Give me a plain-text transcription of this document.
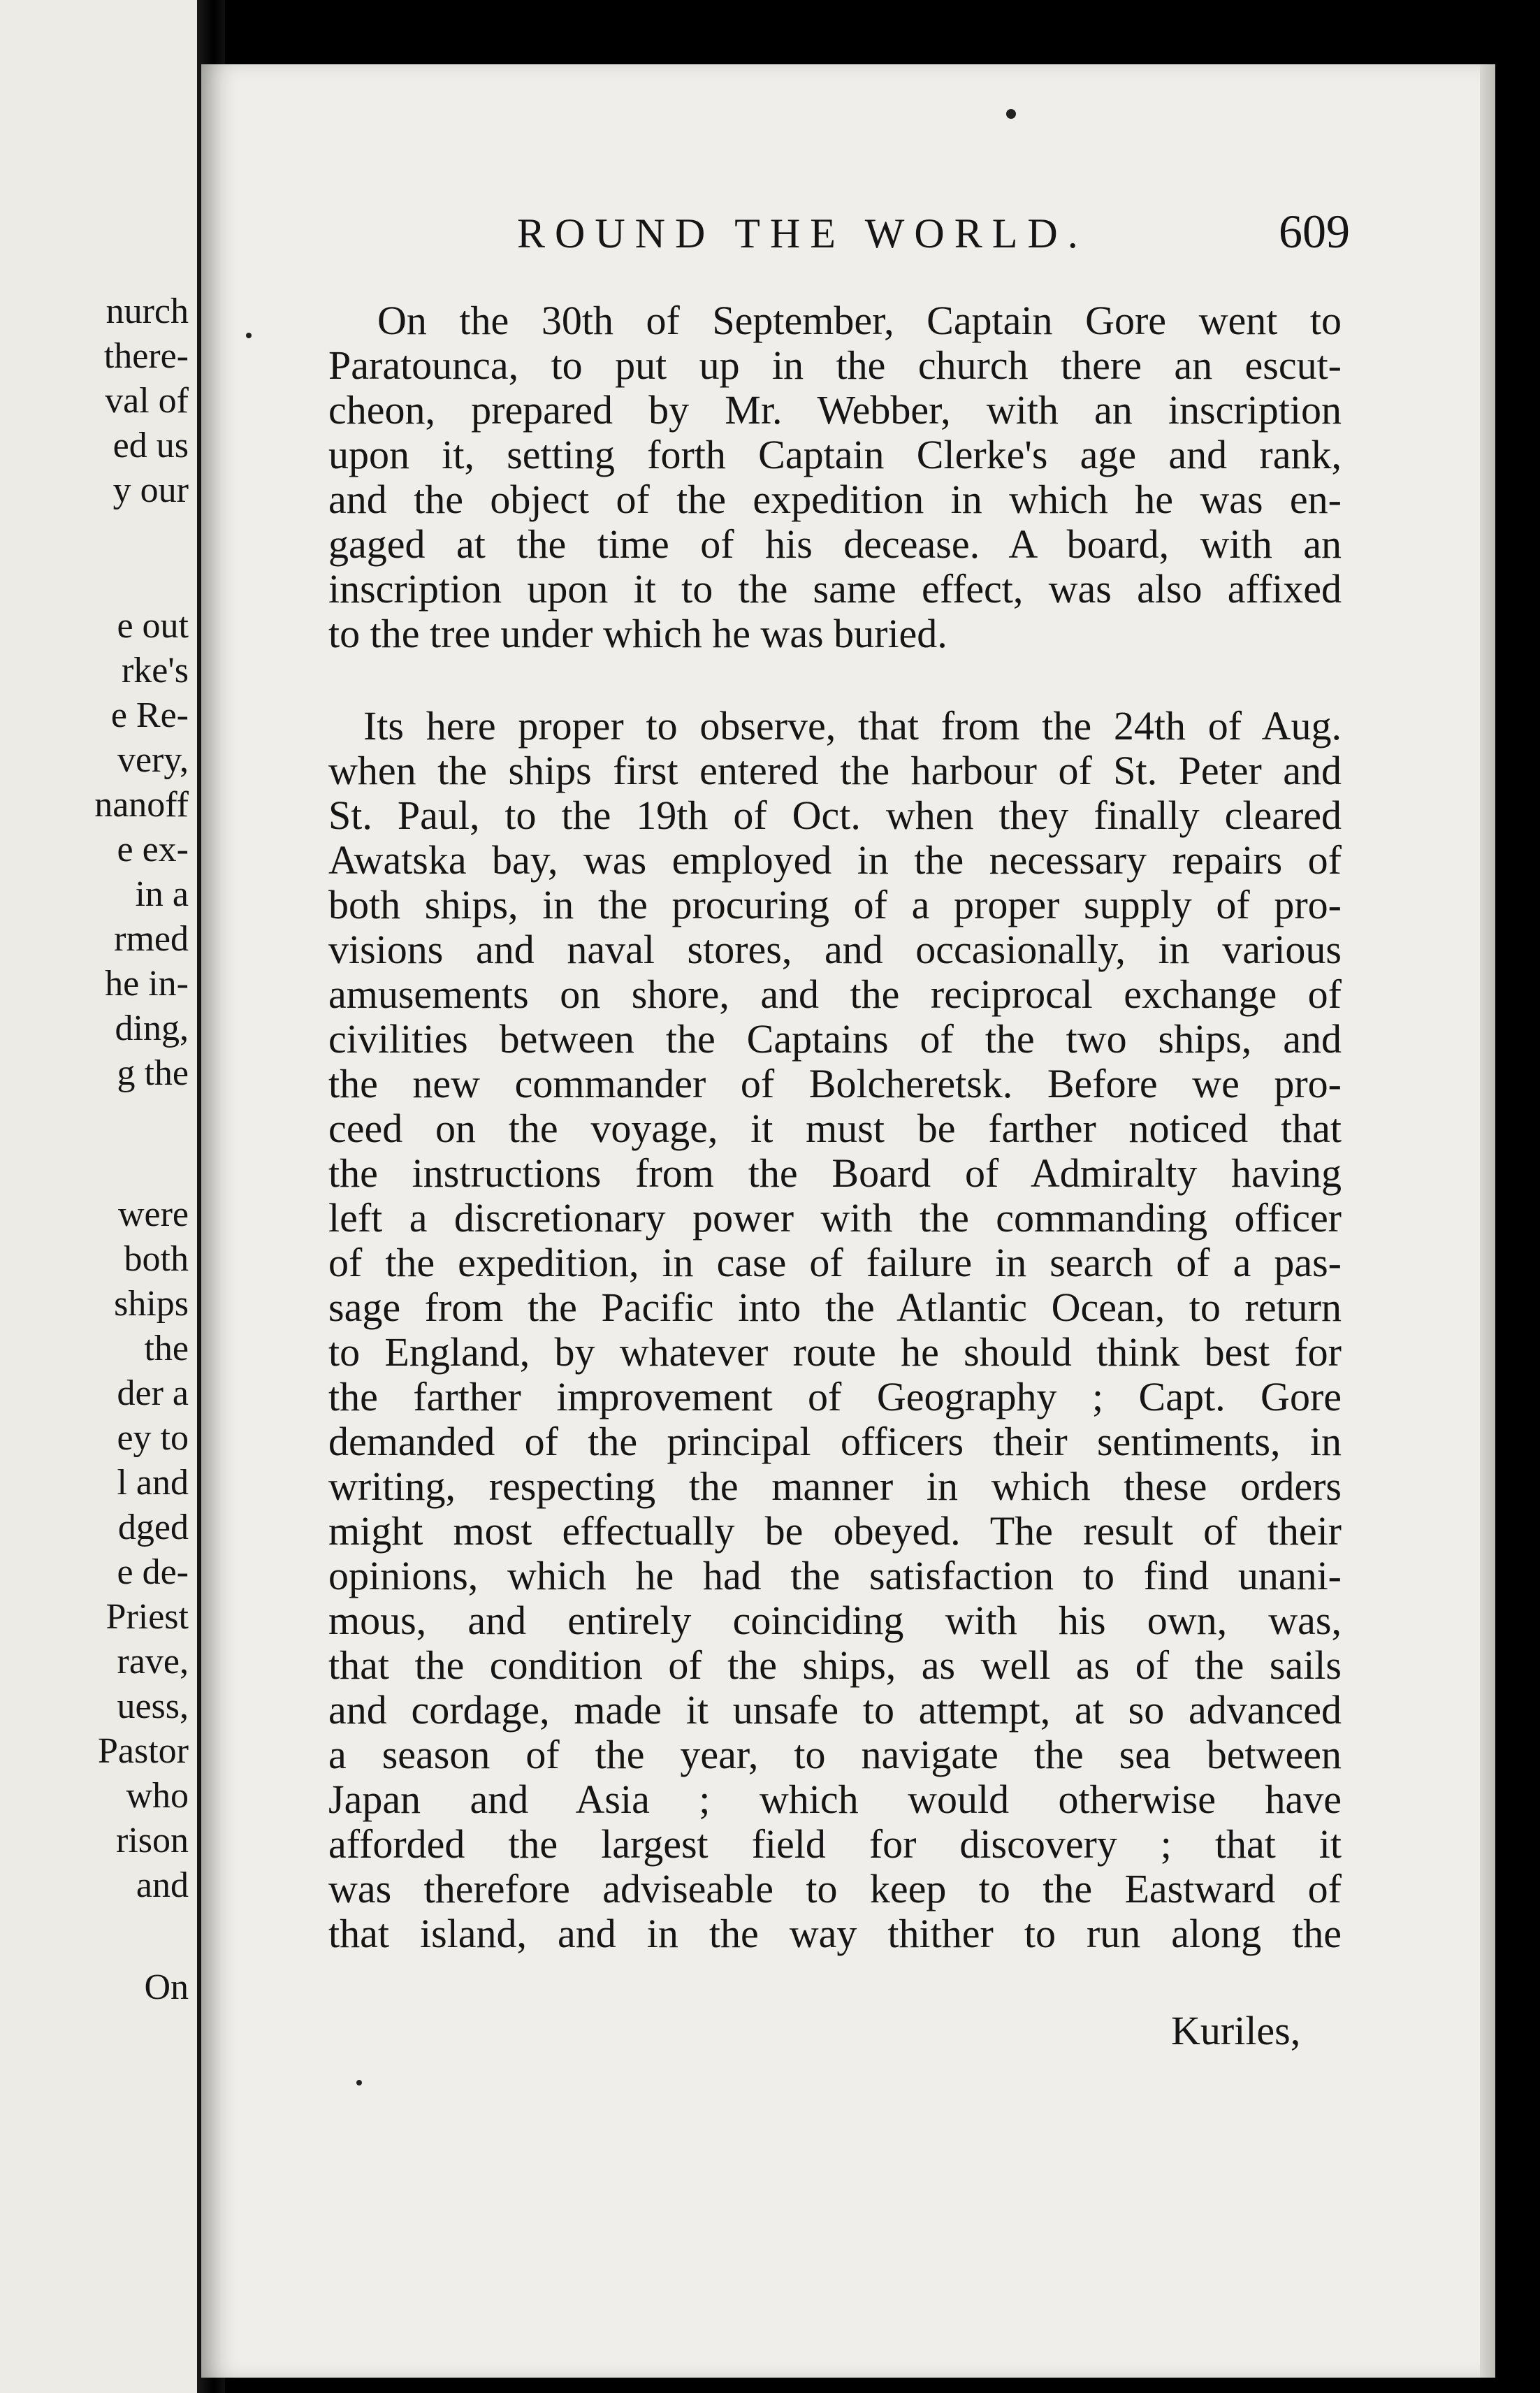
nurch
there-
val of
ed us
y our
e out
rke's
e Re-
very,
nanoff
e ex-
in a
rmed
he in-
ding,
g the
were
both
ships
the
der a
ey to
l and
dged
e de-
Priest
rave,
uess,
Pastor
who
rison
and
On
ROUND THE WORLD.	609
On the 30th of September, Captain Gore went to
Paratounca, to put up in the church there an escut-
cheon, prepared by Mr. Webber, with an inscription
upon it, setting forth Captain Clerke's age and rank,
and the object of the expedition in which he was en-
gaged at the time of his decease. A board, with an
inscription upon it to the same effect, was also affixed
to the tree under which he was buried.
Its here proper to observe, that from the 24th of Aug.
when the ships first entered the harbour of St. Peter and
St. Paul, to the 19th of Oct. when they finally cleared
Awatska bay, was employed in the necessary repairs of
both ships, in the procuring of a proper supply of pro-
visions and naval stores, and occasionally, in various
amusements on shore, and the reciprocal exchange of
civilities between the Captains of the two ships, and
the new commander of Bolcheretsk. Before we pro-
ceed on the voyage, it must be farther noticed that
the instructions from the Board of Admiralty having
left a discretionary power with the commanding officer
of the expedition, in case of failure in search of a pas-
sage from the Pacific into the Atlantic Ocean, to return
to England, by whatever route he should think best for
the farther improvement of Geography ; Capt. Gore
demanded of the principal officers their sentiments, in
writing, respecting the manner in which these orders
might most effectually be obeyed. The result of their
opinions, which he had the satisfaction to find unani-
mous, and entirely coinciding with his own, was,
that the condition of the ships, as well as of the sails
and cordage, made it unsafe to attempt, at so advanced
a season of the year, to navigate the sea between
Japan and Asia ; which would otherwise have
afforded the largest field for discovery ; that it
was therefore adviseable to keep to the Eastward of
that island, and in the way thither to run along the
Kuriles,
